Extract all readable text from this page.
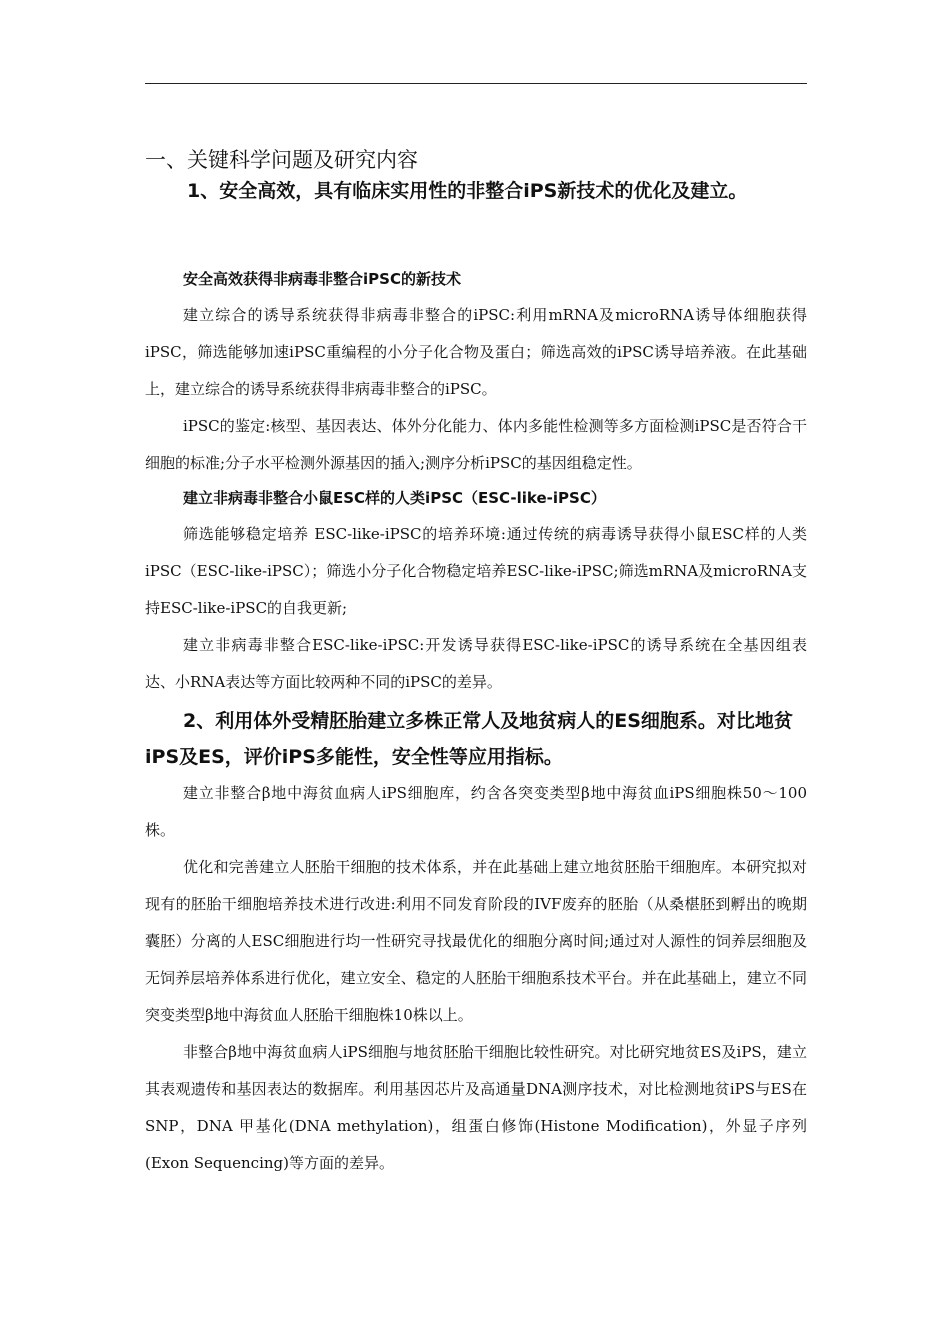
一、关键科学问题及研究内容
1、安全高效，具有临床实用性的非整合iPS新技术的优化及建立。
安全高效获得非病毒非整合iPSC的新技术
建立综合的诱导系统获得非病毒非整合的iPSC:利用mRNA及microRNA诱导体细胞获得iPSC，筛选能够加速iPSC重编程的小分子化合物及蛋白；筛选高效的iPSC诱导培养液。在此基础上，建立综合的诱导系统获得非病毒非整合的iPSC。
iPSC的鉴定:核型、基因表达、体外分化能力、体内多能性检测等多方面检测iPSC是否符合干细胞的标准;分子水平检测外源基因的插入;测序分析iPSC的基因组稳定性。
建立非病毒非整合小鼠ESC样的人类iPSC（ESC-like-iPSC）
筛选能够稳定培养 ESC-like-iPSC的培养环境:通过传统的病毒诱导获得小鼠ESC样的人类iPSC（ESC-like-iPSC）；筛选小分子化合物稳定培养ESC-like-iPSC;筛选mRNA及microRNA支持ESC-like-iPSC的自我更新;
建立非病毒非整合ESC-like-iPSC:开发诱导获得ESC-like-iPSC的诱导系统在全基因组表达、小RNA表达等方面比较两种不同的iPSC的差异。
2、利用体外受精胚胎建立多株正常人及地贫病人的ES细胞系。对比地贫iPS及ES，评价iPS多能性，安全性等应用指标。
建立非整合β地中海贫血病人iPS细胞库，约含各突变类型β地中海贫血iPS细胞株50～100株。
优化和完善建立人胚胎干细胞的技术体系，并在此基础上建立地贫胚胎干细胞库。本研究拟对现有的胚胎干细胞培养技术进行改进:利用不同发育阶段的IVF废弃的胚胎（从桑椹胚到孵出的晚期囊胚）分离的人ESC细胞进行均一性研究寻找最优化的细胞分离时间;通过对人源性的饲养层细胞及无饲养层培养体系进行优化，建立安全、稳定的人胚胎干细胞系技术平台。并在此基础上，建立不同突变类型β地中海贫血人胚胎干细胞株10株以上。
非整合β地中海贫血病人iPS细胞与地贫胚胎干细胞比较性研究。对比研究地贫ES及iPS，建立其表观遗传和基因表达的数据库。利用基因芯片及高通量DNA测序技术，对比检测地贫iPS与ES在SNP，DNA 甲基化(DNA methylation)，组蛋白修饰(Histone Modification)，外显子序列(Exon Sequencing)等方面的差异。
